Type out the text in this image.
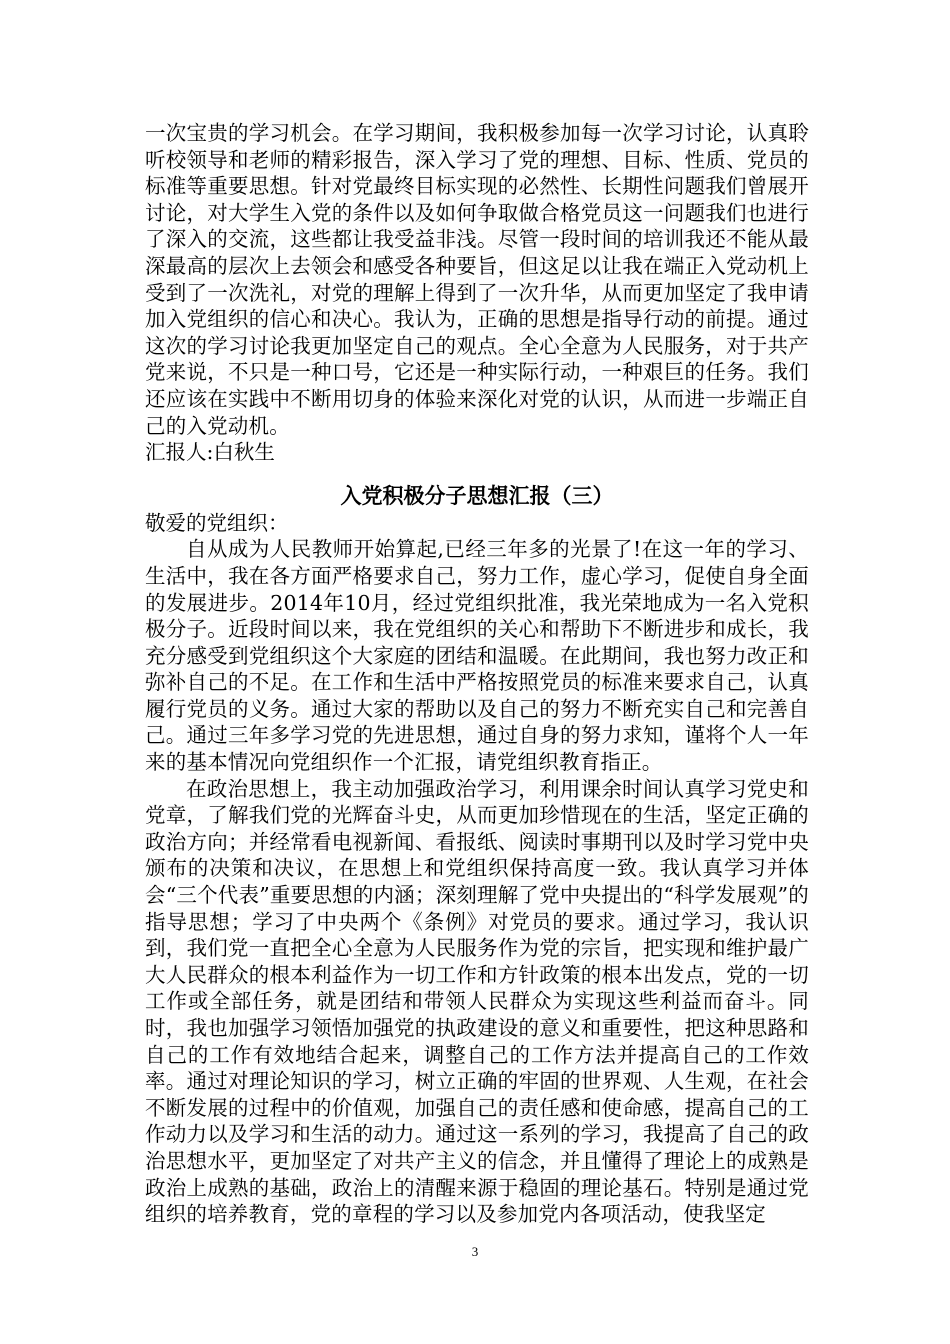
一次宝贵的学习机会。在学习期间，我积极参加每一次学习讨论，认真聆听校领导和老师的精彩报告，深入学习了党的理想、目标、性质、党员的标准等重要思想。针对党最终目标实现的必然性、长期性问题我们曾展开讨论，对大学生入党的条件以及如何争取做合格党员这一问题我们也进行了深入的交流，这些都让我受益非浅。尽管一段时间的培训我还不能从最深最高的层次上去领会和感受各种要旨，但这足以让我在端正入党动机上受到了一次洗礼，对党的理解上得到了一次升华，从而更加坚定了我申请加入党组织的信心和决心。我认为，正确的思想是指导行动的前提。通过这次的学习讨论我更加坚定自己的观点。全心全意为人民服务，对于共产党来说，不只是一种口号，它还是一种实际行动，一种艰巨的任务。我们还应该在实践中不断用切身的体验来深化对党的认识，从而进一步端正自己的入党动机。

汇报人:白秋生

入党积极分子思想汇报（三）

敬爱的党组织：

自从成为人民教师开始算起,已经三年多的光景了!在这一年的学习、生活中，我在各方面严格要求自己，努力工作，虚心学习，促使自身全面的发展进步。2014年10月，经过党组织批准，我光荣地成为一名入党积极分子。近段时间以来，我在党组织的关心和帮助下不断进步和成长，我充分感受到党组织这个大家庭的团结和温暖。在此期间，我也努力改正和弥补自己的不足。在工作和生活中严格按照党员的标准来要求自己，认真履行党员的义务。通过大家的帮助以及自己的努力不断充实自己和完善自己。通过三年多学习党的先进思想，通过自身的努力求知，谨将个人一年来的基本情况向党组织作一个汇报，请党组织教育指正。

在政治思想上，我主动加强政治学习，利用课余时间认真学习党史和党章，了解我们党的光辉奋斗史，从而更加珍惜现在的生活，坚定正确的政治方向；并经常看电视新闻、看报纸、阅读时事期刊以及时学习党中央颁布的决策和决议，在思想上和党组织保持高度一致。我认真学习并体会“三个代表”重要思想的内涵；深刻理解了党中央提出的“科学发展观”的指导思想；学习了中央两个《条例》对党员的要求。通过学习，我认识到，我们党一直把全心全意为人民服务作为党的宗旨，把实现和维护最广大人民群众的根本利益作为一切工作和方针政策的根本出发点，党的一切工作或全部任务，就是团结和带领人民群众为实现这些利益而奋斗。同时，我也加强学习领悟加强党的执政建设的意义和重要性，把这种思路和自己的工作有效地结合起来，调整自己的工作方法并提高自己的工作效率。通过对理论知识的学习，树立正确的牢固的世界观、人生观，在社会不断发展的过程中的价值观，加强自己的责任感和使命感，提高自己的工作动力以及学习和生活的动力。通过这一系列的学习，我提高了自己的政治思想水平，更加坚定了对共产主义的信念，并且懂得了理论上的成熟是政治上成熟的基础，政治上的清醒来源于稳固的理论基石。特别是通过党组织的培养教育，党的章程的学习以及参加党内各项活动，使我坚定

3
